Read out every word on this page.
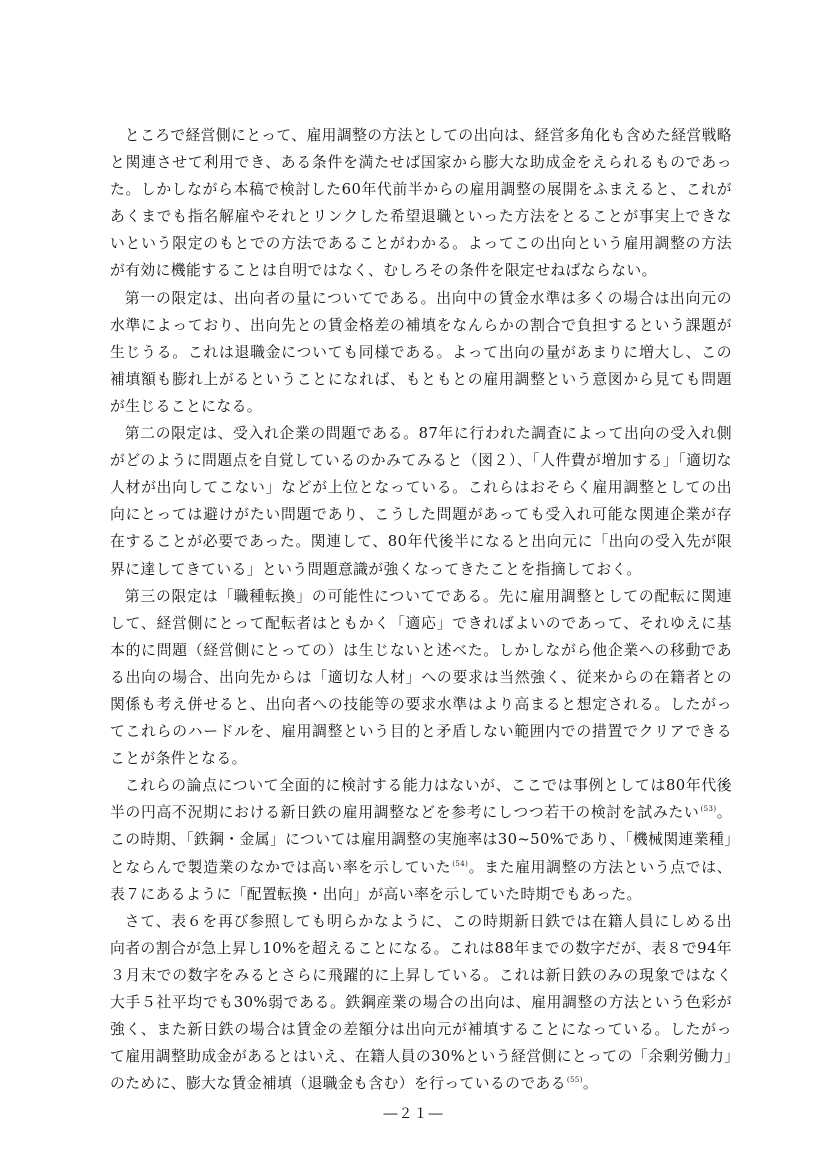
ところで経営側にとって、雇用調整の方法としての出向は、経営多角化も含めた経営戦略と関連させて利用でき、ある条件を満たせば国家から膨大な助成金をえられるものであった。しかしながら本稿で検討した60年代前半からの雇用調整の展開をふまえると、これがあくまでも指名解雇やそれとリンクした希望退職といった方法をとることが事実上できないという限定のもとでの方法であることがわかる。よってこの出向という雇用調整の方法が有効に機能することは自明ではなく、むしろその条件を限定せねばならない。

第一の限定は、出向者の量についてである。出向中の賃金水準は多くの場合は出向元の水準によっており、出向先との賃金格差の補填をなんらかの割合で負担するという課題が生じうる。これは退職金についても同様である。よって出向の量があまりに増大し、この補填額も膨れ上がるということになれば、もともとの雇用調整という意図から見ても問題が生じることになる。

第二の限定は、受入れ企業の問題である。87年に行われた調査によって出向の受入れ側がどのように問題点を自覚しているのかみてみると（図２）、「人件費が増加する」「適切な人材が出向してこない」などが上位となっている。これらはおそらく雇用調整としての出向にとっては避けがたい問題であり、こうした問題があっても受入れ可能な関連企業が存在することが必要であった。関連して、80年代後半になると出向元に「出向の受入先が限界に達してきている」という問題意識が強くなってきたことを指摘しておく。

第三の限定は「職種転換」の可能性についてである。先に雇用調整としての配転に関連して、経営側にとって配転者はともかく「適応」できればよいのであって、それゆえに基本的に問題（経営側にとっての）は生じないと述べた。しかしながら他企業への移動である出向の場合、出向先からは「適切な人材」への要求は当然強く、従来からの在籍者との関係も考え併せると、出向者への技能等の要求水準はより高まると想定される。したがってこれらのハードルを、雇用調整という目的と矛盾しない範囲内での措置でクリアできることが条件となる。

これらの論点について全面的に検討する能力はないが、ここでは事例としては80年代後半の円高不況期における新日鉄の雇用調整などを参考にしつつ若干の検討を試みたい$^{(53)}$。この時期、「鉄鋼・金属」については雇用調整の実施率は30~50%であり、「機械関連業種」とならんで製造業のなかでは高い率を示していた$^{(54)}$。また雇用調整の方法という点では、表７にあるように「配置転換・出向」が高い率を示していた時期でもあった。

さて、表６を再び参照しても明らかなように、この時期新日鉄では在籍人員にしめる出向者の割合が急上昇し10%を超えることになる。これは88年までの数字だが、表８で94年３月末での数字をみるとさらに飛躍的に上昇している。これは新日鉄のみの現象ではなく大手５社平均でも30%弱である。鉄鋼産業の場合の出向は、雇用調整の方法という色彩が強く、また新日鉄の場合は賃金の差額分は出向元が補填することになっている。したがって雇用調整助成金があるとはいえ、在籍人員の30%という経営側にとっての「余剰労働力」のために、膨大な賃金補填（退職金も含む）を行っているのである$^{(55)}$。

―２１―
